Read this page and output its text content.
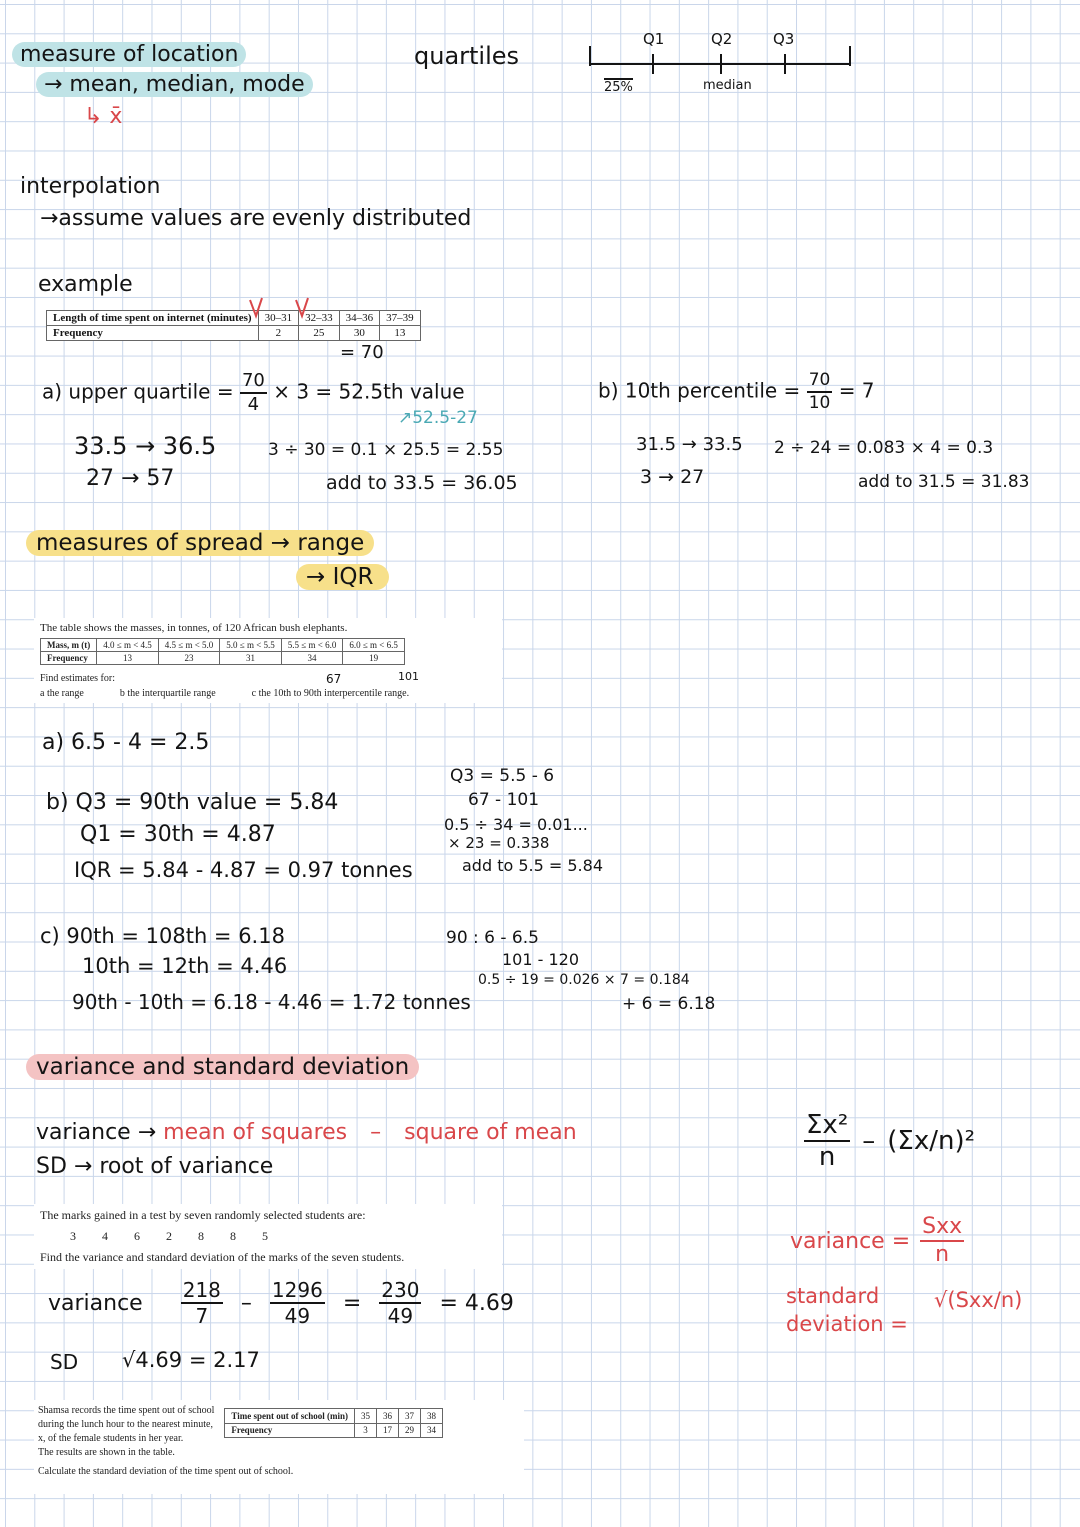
measure of location
→ mean, median, mode
↳ x̄
quartiles
Q1	Q2	Q3
25%	median
interpolation
→assume values are evenly distributed
example
Length of time spent on internet (minutes)	30–31	32–33	34–36	37–39
Frequency	2	25	30	13
= 70
a) upper quartile = $\frac{70}{4} \times 3 = 52.5th$ value
↗52.5-27
33.5 → 36.5
27 → 57
3 ÷ 30 = 0.1 × 25.5 = 2.55
add to 33.5 = 36.05
b) 10th percentile = $\frac{70}{10} = 7$
31.5 → 33.5
3 → 27
2 ÷ 24 = 0.083 × 4 = 0.3
add to 31.5 = 31.83
measures of spread → range
→ IQR
The table shows the masses, in tonnes, of 120 African bush elephants.
Mass, m (t)	4.0 ≤ m < 4.5	4.5 ≤ m < 5.0	5.0 ≤ m < 5.5	5.5 ≤ m < 6.0	6.0 ≤ m < 6.5
Frequency	13	23	31	34	19
Find estimates for:
a the range	b the interquartile range	c the 10th to 90th interpercentile range.
67	101
a) 6.5 - 4 = 2.5
b) Q3 = 90th value = 5.84
Q1 = 30th = 4.87
IQR = 5.84 - 4.87 = 0.97 tonnes
Q3 = 5.5 - 6
67 - 101
0.5 ÷ 34 = 0.01...
× 23 = 0.338
add to 5.5 = 5.84
c) 90th = 108th = 6.18
10th = 12th = 4.46
90th - 10th = 6.18 - 4.46 = 1.72 tonnes
90 : 6 - 6.5
101 - 120
0.5 ÷ 19 = 0.026 × 7 = 0.184
+ 6 = 6.18
variance and standard deviation
variance → mean of squares – square of mean
SD → root of variance	$\frac{\text{Σx²}}{n} - (\Sigma x/n)^2$
variance = $\frac{\text{Sxx}}{n}$
standard deviation =
√(Sxx/n)
The marks gained in a test by seven randomly selected students are:
3 4 6 2 8 8 5
Find the variance and standard deviation of the marks of the seven students.
variance $\frac{218}{7} - \frac{1296}{49} = \frac{230}{49} = 4.69$
SD √4.69 = 2.17
Shamsa records the time spent out of school
during the lunch hour to the nearest minute,
x, of the female students in her year.
The results are shown in the table.
Time spent out of school (min)	35	36	37	38
Frequency	3	17	29	34
Calculate the standard deviation of the time spent out of school.
